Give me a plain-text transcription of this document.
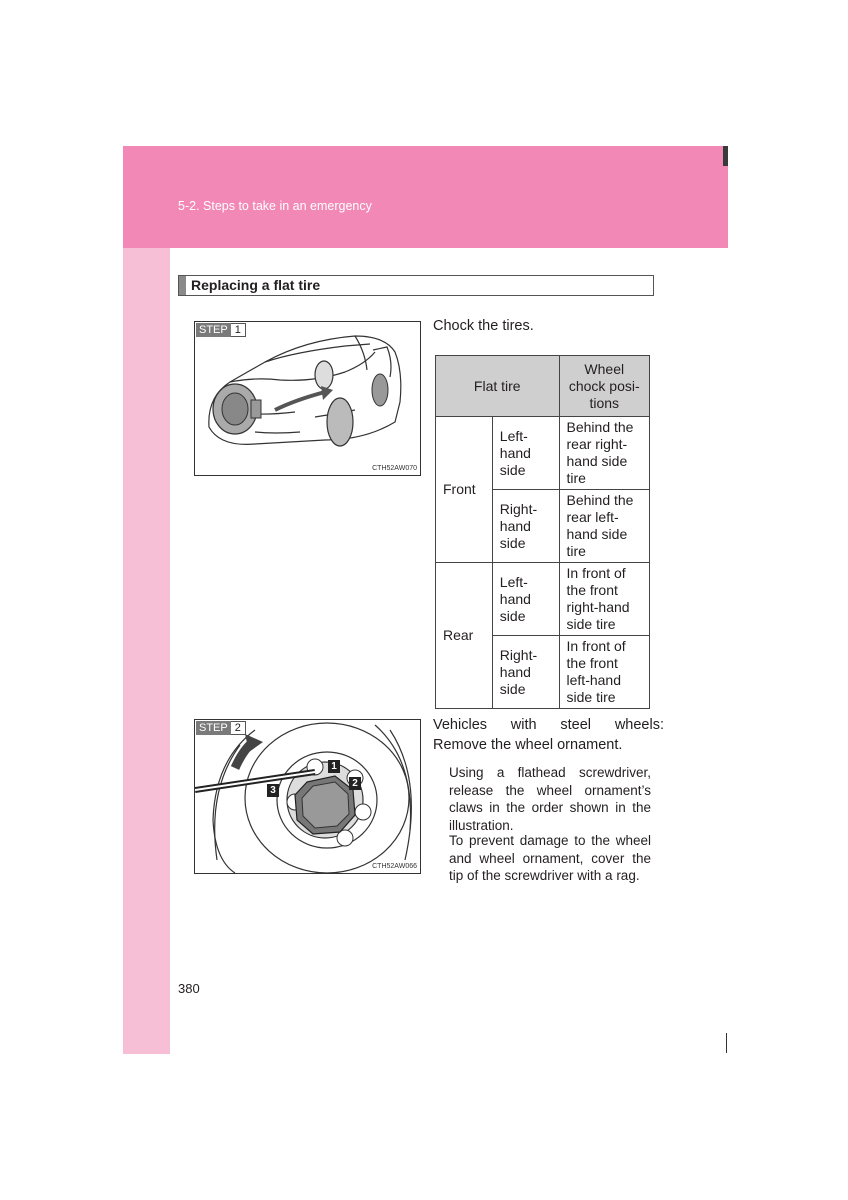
5-2. Steps to take in an emergency
Replacing a flat tire
STEP 1
CTH52AW070
Chock the tires.
Flat tire		Wheel chock posi-tions
Front	Left-hand side	Behind the rear right-hand side tire
	Right-hand side	Behind the rear left-hand side tire
Rear	Left-hand side	In front of the front right-hand side tire
	Right-hand side	In front of the front left-hand side tire
STEP 2
1
2
3
CTH52AW066
Vehicles with steel wheels:
Remove the wheel ornament.
Using a flathead screwdriver, release the wheel ornament’s claws in the order shown in the illustration.
To prevent damage to the wheel and wheel ornament, cover the tip of the screwdriver with a rag.
380
